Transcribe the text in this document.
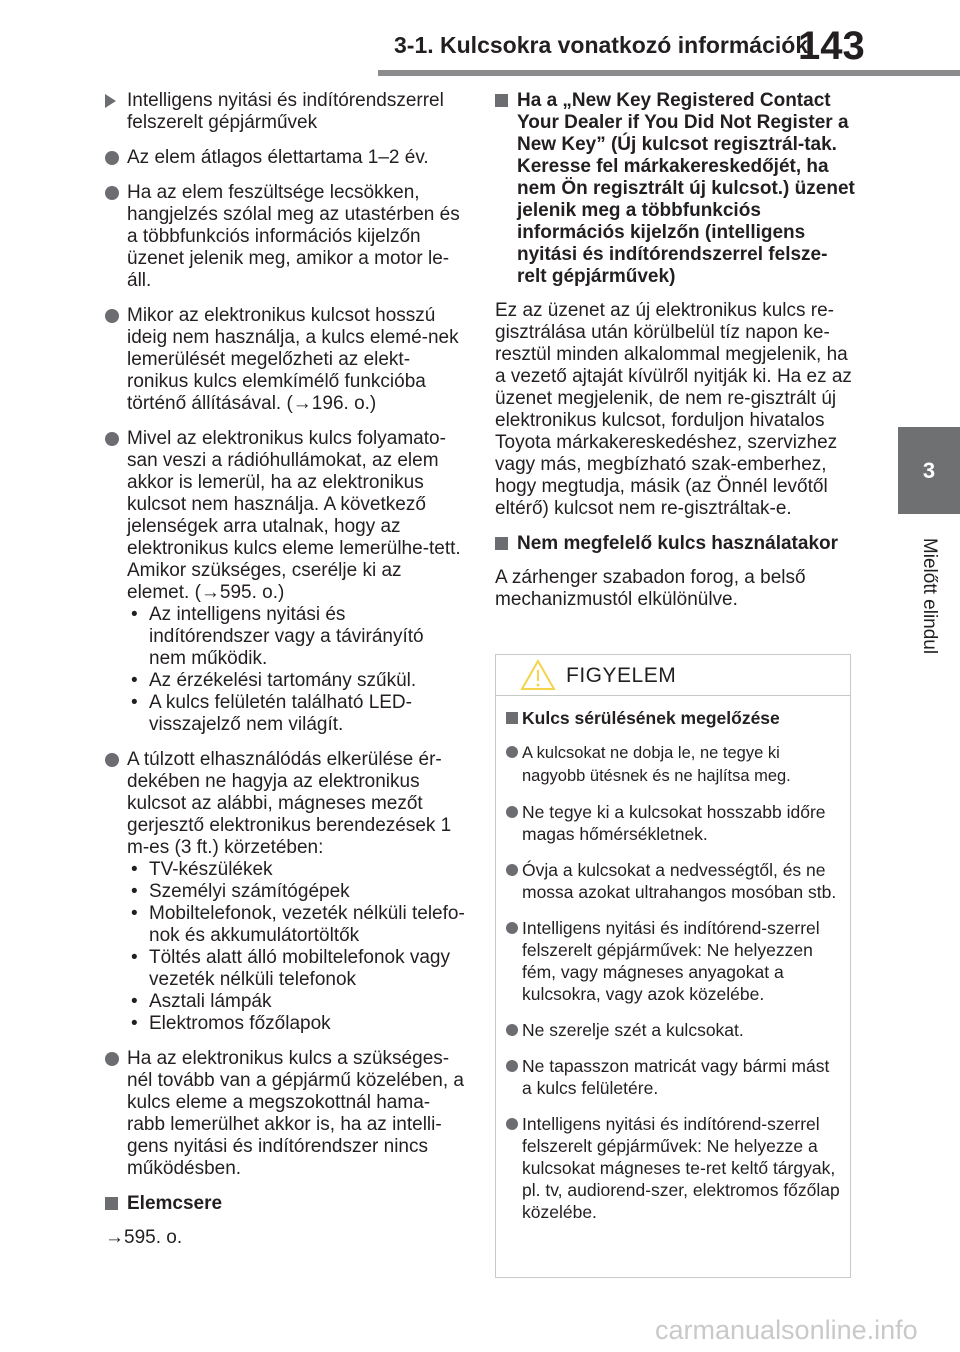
3-1. Kulcsokra vonatkozó információk
143
3
Mielőtt elindul
Intelligens nyitási és indítórendszerrel felszerelt gépjárművek
Az elem átlagos élettartama 1–2 év.
Ha az elem feszültsége lecsökken, hangjelzés szólal meg az utastérben és a többfunkciós információs kijelzőn üzenet jelenik meg, amikor a motor le-áll.
Mikor az elektronikus kulcsot hosszú ideig nem használja, a kulcs elemé-nek lemerülését megelőzheti az elekt-ronikus kulcs elemkímélő funkcióba történő állításával. (→196. o.)
Mivel az elektronikus kulcs folyamato-san veszi a rádióhullámokat, az elem akkor is lemerül, ha az elektronikus kulcsot nem használja. A következő jelenségek arra utalnak, hogy az elektronikus kulcs eleme lemerülhe-tett. Amikor szükséges, cserélje ki az elemet. (→595. o.)
• Az intelligens nyitási és indítórendszer vagy a távirányító nem működik.
• Az érzékelési tartomány szűkül.
• A kulcs felületén található LED-visszajelző nem világít.
A túlzott elhasználódás elkerülése ér-dekében ne hagyja az elektronikus kulcsot az alábbi, mágneses mezőt gerjesztő elektronikus berendezések 1 m-es (3 ft.) körzetében:
• TV-készülékek
• Személyi számítógépek
• Mobiltelefonok, vezeték nélküli telefo-nok és akkumulátortöltők
• Töltés alatt álló mobiltelefonok vagy vezeték nélküli telefonok
• Asztali lámpák
• Elektromos főzőlapok
Ha az elektronikus kulcs a szükséges-nél tovább van a gépjármű közelében, a kulcs eleme a megszokottnál hama-rabb lemerülhet akkor is, ha az intelli-gens nyitási és indítórendszer nincs működésben.
Elemcsere
→595. o.
Ha a „New Key Registered Contact Your Dealer if You Did Not Register a New Key” (Új kulcsot regisztrál-tak. Keresse fel márkakereskedőjét, ha nem Ön regisztrált új kulcsot.) üzenet jelenik meg a többfunkciós információs kijelzőn (intelligens nyitási és indítórendszerrel felsze-relt gépjárművek)

Ez az üzenet az új elektronikus kulcs re-gisztrálása után körülbelül tíz napon ke-resztül minden alkalommal megjelenik, ha a vezető ajtaját kívülről nyitják ki. Ha ez az üzenet megjelenik, de nem re-gisztrált új elektronikus kulcsot, forduljon hivatalos Toyota márkakereskedéshez, szervizhez vagy más, megbízható szak-emberhez, hogy megtudja, másik (az Önnél levőtől eltérő) kulcsot nem re-gisztráltak-e.

Nem megfelelő kulcs használatakor

A zárhenger szabadon forog, a belső mechanizmustól elkülönülve.

FIGYELEM
Kulcs sérülésének megelőzése
A kulcsokat ne dobja le, ne tegye ki nagyobb ütésnek és ne hajlítsa meg.
Ne tegye ki a kulcsokat hosszabb időre magas hőmérsékletnek.
Óvja a kulcsokat a nedvességtől, és ne mossa azokat ultrahangos mosóban stb.
Intelligens nyitási és indítórend-szerrel felszerelt gépjárművek: Ne helyezzen fém, vagy mágneses anyagokat a kulcsokra, vagy azok közelébe.
Ne szerelje szét a kulcsokat.
Ne tapasszon matricát vagy bármi mást a kulcs felületére.
Intelligens nyitási és indítórend-szerrel felszerelt gépjárművek: Ne helyezze a kulcsokat mágneses te-ret keltő tárgyak, pl. tv, audiorend-szer, elektromos főzőlap közelébe.
carmanualsonline.info
